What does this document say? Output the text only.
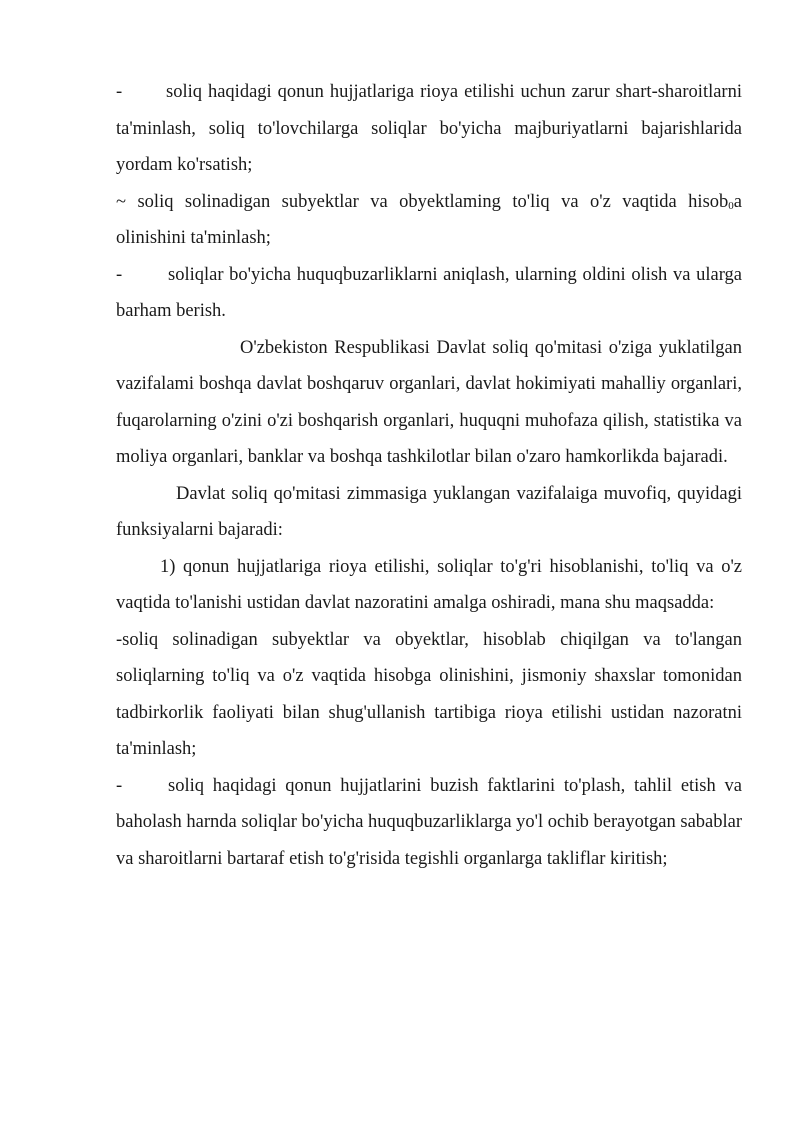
- soliq haqidagi qonun hujjatlariga rioya etilishi uchun zarur shart-sharoitlarni ta'minlash, soliq to'lovchilarga soliqlar bo'yicha majburiyatlarni bajarishlarida yordam ko'rsatish;

~ soliq solinadigan subyektlar va obyektlaming to'liq va o'z vaqtida hisob$_0$a olinishini ta'minlash;

- soliqlar bo'yicha huquqbuzarliklarni aniqlash, ularning oldini olish va ularga barham berish.

O'zbekiston Respublikasi Davlat soliq qo'mitasi o'ziga yuklatilgan vazifalami boshqa davlat boshqaruv organlari, davlat hokimiyati mahalliy organlari, fuqarolarning o'zini o'zi boshqarish organlari, huquqni muhofaza qilish, statistika va moliya organlari, banklar va boshqa tashkilotlar bilan o'zaro hamkorlikda bajaradi.

Davlat soliq qo'mitasi zimmasiga yuklangan vazifalaiga muvofiq, quyidagi funksiyalarni bajaradi:

1) qonun hujjatlariga rioya etilishi, soliqlar to'g'ri hisoblanishi, to'liq va o'z vaqtida to'lanishi ustidan davlat nazoratini amalga oshiradi, mana shu maqsadda:

-soliq solinadigan subyektlar va obyektlar, hisoblab chiqilgan va to'langan soliqlarning to'liq va o'z vaqtida hisobga olinishini, jismoniy shaxslar tomonidan tadbirkorlik faoliyati bilan shug'ullanish tartibiga rioya etilishi ustidan nazoratni ta'minlash;

- soliq haqidagi qonun hujjatlarini buzish faktlarini to'plash, tahlil etish va baholash harnda soliqlar bo'yicha huquqbuzarliklarga yo'l ochib berayotgan sabablar va sharoitlarni bartaraf etish to'g'risida tegishli organlarga takliflar kiritish;
